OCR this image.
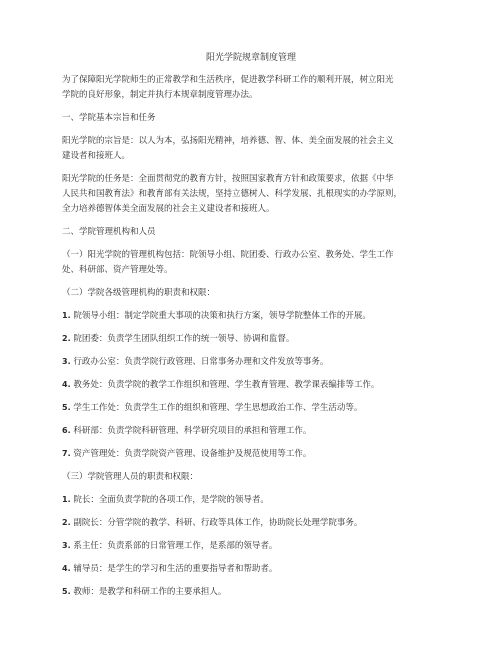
阳光学院规章制度管理
为了保障阳光学院师生的正常教学和生活秩序，促进教学科研工作的顺利开展，树立阳光
学院的良好形象，制定并执行本规章制度管理办法。
一、学院基本宗旨和任务
阳光学院的宗旨是：以人为本，弘扬阳光精神，培养德、智、体、美全面发展的社会主义
建设者和接班人。
阳光学院的任务是：全面贯彻党的教育方针，按照国家教育方针和政策要求，依据《中华
人民共和国教育法》和教育部有关法规，坚持立德树人、科学发展、扎根现实的办学原则，
全力培养德智体美全面发展的社会主义建设者和接班人。
二、学院管理机构和人员
（一）阳光学院的管理机构包括：院领导小组、院团委、行政办公室、教务处、学生工作
处、科研部、资产管理处等。
（二）学院各级管理机构的职责和权限：
1. 院领导小组：制定学院重大事项的决策和执行方案，领导学院整体工作的开展。
2. 院团委：负责学生团队组织工作的统一领导、协调和监督。
3. 行政办公室：负责学院行政管理、日常事务办理和文件发放等事务。
4. 教务处：负责学院的教学工作组织和管理、学生教育管理、教学课表编排等工作。
5. 学生工作处：负责学生工作的组织和管理、学生思想政治工作、学生活动等。
6. 科研部：负责学院科研管理、科学研究项目的承担和管理工作。
7. 资产管理处：负责学院资产管理、设备维护及规范使用等工作。
（三）学院管理人员的职责和权限：
1. 院长：全面负责学院的各项工作，是学院的领导者。
2. 副院长：分管学院的教学、科研、行政等具体工作，协助院长处理学院事务。
3. 系主任：负责系部的日常管理工作，是系部的领导者。
4. 辅导员：是学生的学习和生活的重要指导者和帮助者。
5. 教师：是教学和科研工作的主要承担人。
